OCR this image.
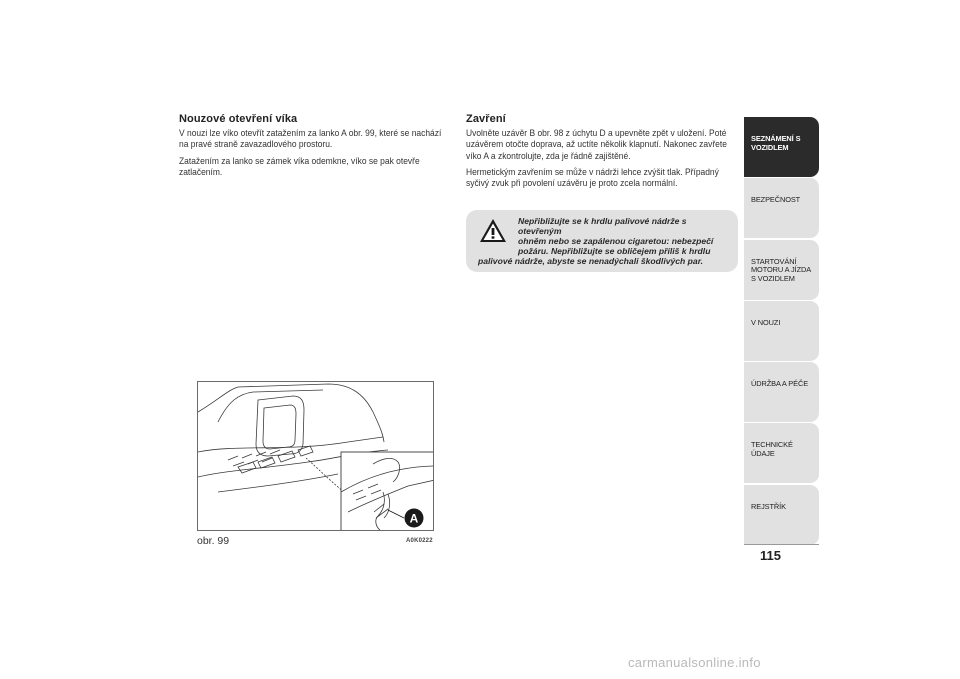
Nouzové otevření víka

V nouzi lze víko otevřít zatažením za lanko A obr. 99, které se nachází na pravé straně zavazadlového prostoru.

Zatažením za lanko se zámek víka odemkne, víko se pak otevře zatlačením.

Zavření

Uvolněte uzávěr B obr. 98 z úchytu D a upevněte zpět v uložení. Poté uzávěrem otočte doprava, až uctíte několik klapnutí. Nakonec zavřete víko A a zkontrolujte, zda je řádně zajištěné.

Hermetickým zavřením se může v nádrži lehce zvýšit tlak. Případný syčivý zvuk při povolení uzávěru je proto zcela normální.

Nepřibližujte se k hrdlu palivové nádrže s otevřeným
ohněm nebo se zapálenou cigaretou: nebezpečí
požáru. Nepřibližujte se obličejem příliš k hrdlu
palivové nádrže, abyste se nenadýchali škodlivých par.
A
obr. 99	A0K0222
SEZNÁMENÍ S VOZIDLEM
BEZPEČNOST
STARTOVÁNÍ MOTORU A JÍZDA S VOZIDLEM
V NOUZI
ÚDRŽBA A PÉČE
TECHNICKÉ ÚDAJE
REJSTŘÍK
115
carmanualsonline.info
